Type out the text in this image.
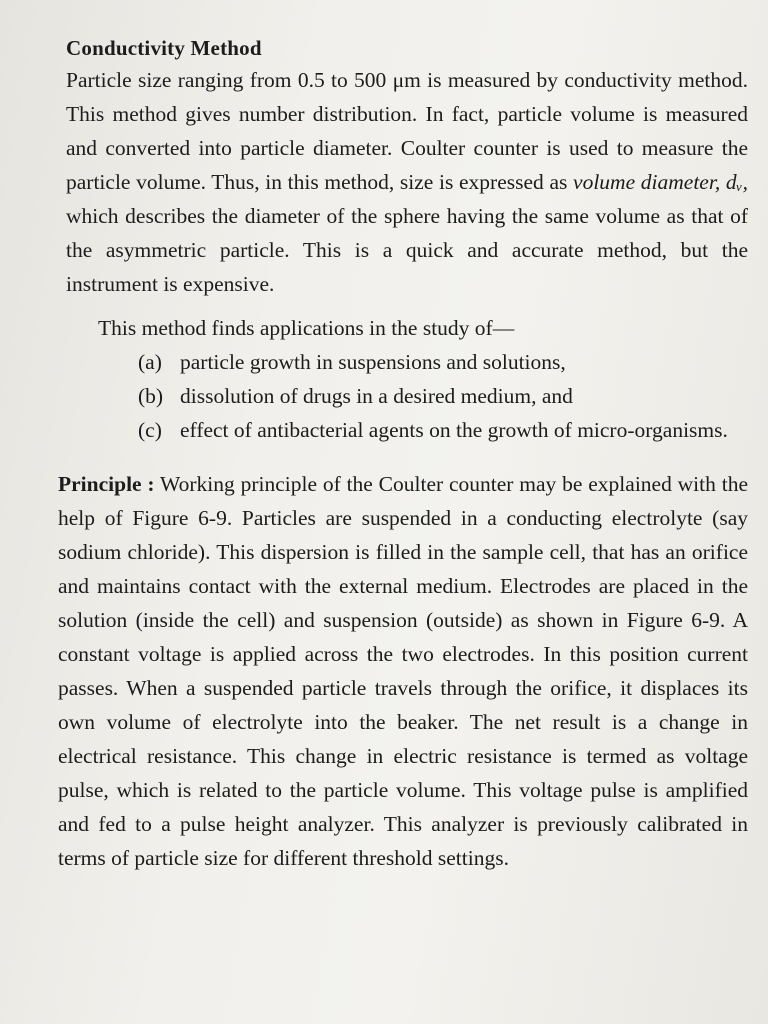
Conductivity Method

Particle size ranging from 0.5 to 500 μm is measured by conductivity method. This method gives number distribution. In fact, particle volume is measured and converted into particle diameter. Coulter counter is used to measure the particle volume. Thus, in this method, size is expressed as volume diameter, dᵥ, which describes the diameter of the sphere having the same volume as that of the asymmetric particle. This is a quick and accurate method, but the instrument is expensive.

This method finds applications in the study of—
(a) particle growth in suspensions and solutions,
(b) dissolution of drugs in a desired medium, and
(c) effect of antibacterial agents on the growth of micro-organisms.

Principle : Working principle of the Coulter counter may be explained with the help of Figure 6-9. Particles are suspended in a conducting electrolyte (say sodium chloride). This dispersion is filled in the sample cell, that has an orifice and maintains contact with the external medium. Electrodes are placed in the solution (inside the cell) and suspension (outside) as shown in Figure 6-9. A constant voltage is applied across the two electrodes. In this position current passes. When a suspended particle travels through the orifice, it displaces its own volume of electrolyte into the beaker. The net result is a change in electrical resistance. This change in electric resistance is termed as voltage pulse, which is related to the particle volume. This voltage pulse is amplified and fed to a pulse height analyzer. This analyzer is previously calibrated in terms of particle size for different threshold settings.
